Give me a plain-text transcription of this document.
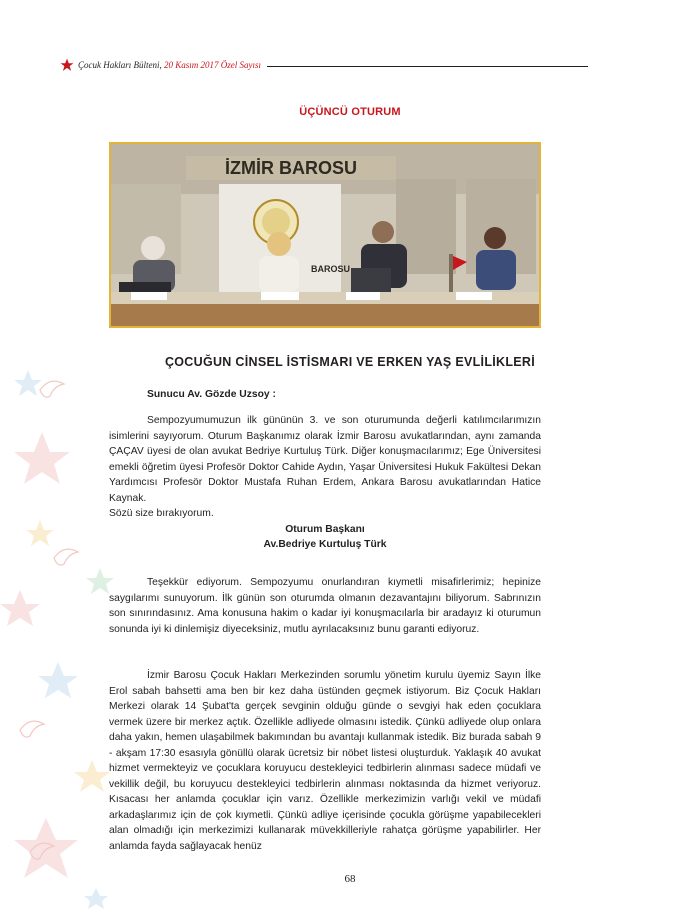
Çocuk Hakları Bülteni, 20 Kasım 2017 Özel Sayısı
ÜÇÜNCÜ OTURUM
İZMİR BAROSU
BAROSU
ÇOCUĞUN CİNSEL İSTİSMARI VE ERKEN YAŞ EVLİLİKLERİ
Sunucu Av. Gözde Uzsoy :
Sempozyumumuzun ilk gününün 3. ve son oturumunda değerli katılımcılarımızın isimlerini sayıyorum. Oturum Başkanımız olarak İzmir Barosu avukatlarından, aynı zamanda ÇAÇAV üyesi de olan avukat Bedriye Kurtuluş Türk. Diğer konuşmacılarımız; Ege Üniversitesi emekli öğretim üyesi Profesör Doktor Cahide Aydın, Yaşar Üniversitesi Hukuk Fakültesi Dekan Yardımcısı Profesör Doktor Mustafa Ruhan Erdem, Ankara Barosu avukatlarından Hatice Kaynak.
Sözü size bırakıyorum.
Oturum Başkanı
Av.Bedriye Kurtuluş Türk
Teşekkür ediyorum. Sempozyumu onurlandıran kıymetli misafirlerimiz; hepinize saygılarımı sunuyorum. İlk günün son oturumda olmanın dezavantajını biliyorum. Sabrınızın son sınırındasınız. Ama konusuna hakim o kadar iyi konuşmacılarla bir aradayız ki oturumun sonunda iyi ki dinlemişiz diyeceksiniz, mutlu ayrılacaksınız bunu garanti ediyoruz.
İzmir Barosu Çocuk Hakları Merkezinden sorumlu yönetim kurulu üyemiz Sayın İlke Erol sabah bahsetti ama ben bir kez daha üstünden geçmek istiyorum. Biz Çocuk Hakları Merkezi olarak 14 Şubat'ta gerçek sevginin olduğu günde o sevgiyi hak eden çocuklara vermek üzere bir merkez açtık. Özellikle adliyede olmasını istedik. Çünkü adliyede olup onlara daha yakın, hemen ulaşabilmek bakımından bu avantajı kullanmak istedik. Biz burada sabah 9 - akşam 17:30 esasıyla gönüllü olarak ücretsiz bir nöbet listesi oluşturduk. Yaklaşık 40 avukat hizmet vermekteyiz ve çocuklara koruyucu destekleyici tedbirlerin alınması sadece müdafi ve vekillik değil, bu koruyucu destekleyici tedbirlerin alınması noktasında da hizmet veriyoruz. Kısacası her anlamda çocuklar için varız. Özellikle merkezimizin varlığı vekil ve müdafi arkadaşlarımız için de çok kıymetli. Çünkü adliye içerisinde çocukla görüşme yapabilecekleri alan olmadığı için merkezimizi kullanarak müvekkilleriyle rahatça görüşme yapabilirler. Her anlamda fayda sağlayacak henüz
68
